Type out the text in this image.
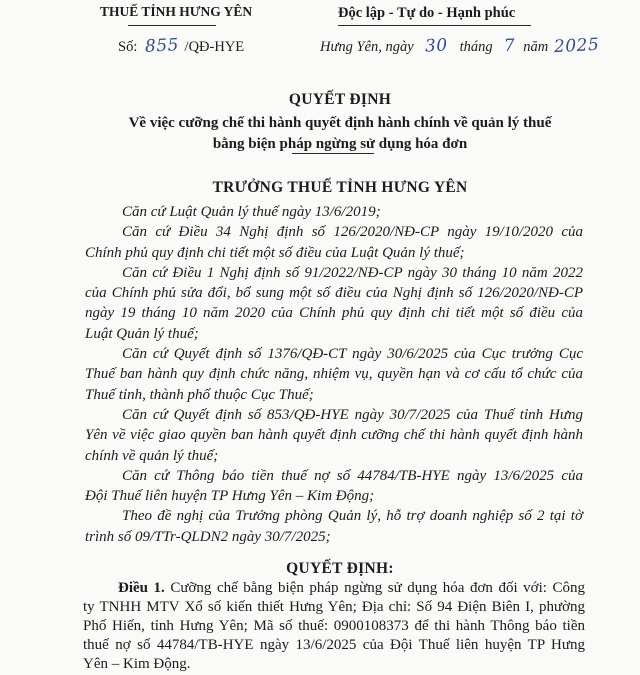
THUẾ TỈNH HƯNG YÊN	Độc lập - Tự do - Hạnh phúc
Số: 855 /QĐ-HYE	Hưng Yên, ngày 30 tháng 7 năm 2025
QUYẾT ĐỊNH
Về việc cưỡng chế thi hành quyết định hành chính về quản lý thuế
bằng biện pháp ngừng sử dụng hóa đơn
TRƯỞNG THUẾ TỈNH HƯNG YÊN
Căn cứ Luật Quản lý thuế ngày 13/6/2019;
Căn cứ Điều 34 Nghị định số 126/2020/NĐ-CP ngày 19/10/2020 của
Chính phủ quy định chi tiết một số điều của Luật Quản lý thuế;
Căn cứ Điều 1 Nghị định số 91/2022/NĐ-CP ngày 30 tháng 10 năm 2022
của Chính phủ sửa đổi, bổ sung một số điều của Nghị định số 126/2020/NĐ-CP
ngày 19 tháng 10 năm 2020 của Chính phủ quy định chi tiết một số điều của
Luật Quản lý thuế;
Căn cứ Quyết định số 1376/QĐ-CT ngày 30/6/2025 của Cục trưởng Cục
Thuế ban hành quy định chức năng, nhiệm vụ, quyền hạn và cơ cấu tổ chức của
Thuế tỉnh, thành phố thuộc Cục Thuế;
Căn cứ Quyết định số 853/QĐ-HYE ngày 30/7/2025 của Thuế tỉnh Hưng
Yên về việc giao quyền ban hành quyết định cưỡng chế thi hành quyết định hành
chính về quản lý thuế;
Căn cứ Thông báo tiền thuế nợ số 44784/TB-HYE ngày 13/6/2025 của
Đội Thuế liên huyện TP Hưng Yên – Kim Động;
Theo đề nghị của Trưởng phòng Quản lý, hỗ trợ doanh nghiệp số 2 tại tờ
trình số 09/TTr-QLDN2 ngày 30/7/2025;
QUYẾT ĐỊNH:
Điều 1. Cưỡng chế bằng biện pháp ngừng sử dụng hóa đơn đối với: Công
ty TNHH MTV Xổ số kiến thiết Hưng Yên; Địa chỉ: Số 94 Điện Biên I, phường
Phố Hiến, tỉnh Hưng Yên; Mã số thuế: 0900108373 để thi hành Thông báo tiền
thuế nợ số 44784/TB-HYE ngày 13/6/2025 của Đội Thuế liên huyện TP Hưng
Yên – Kim Động.
